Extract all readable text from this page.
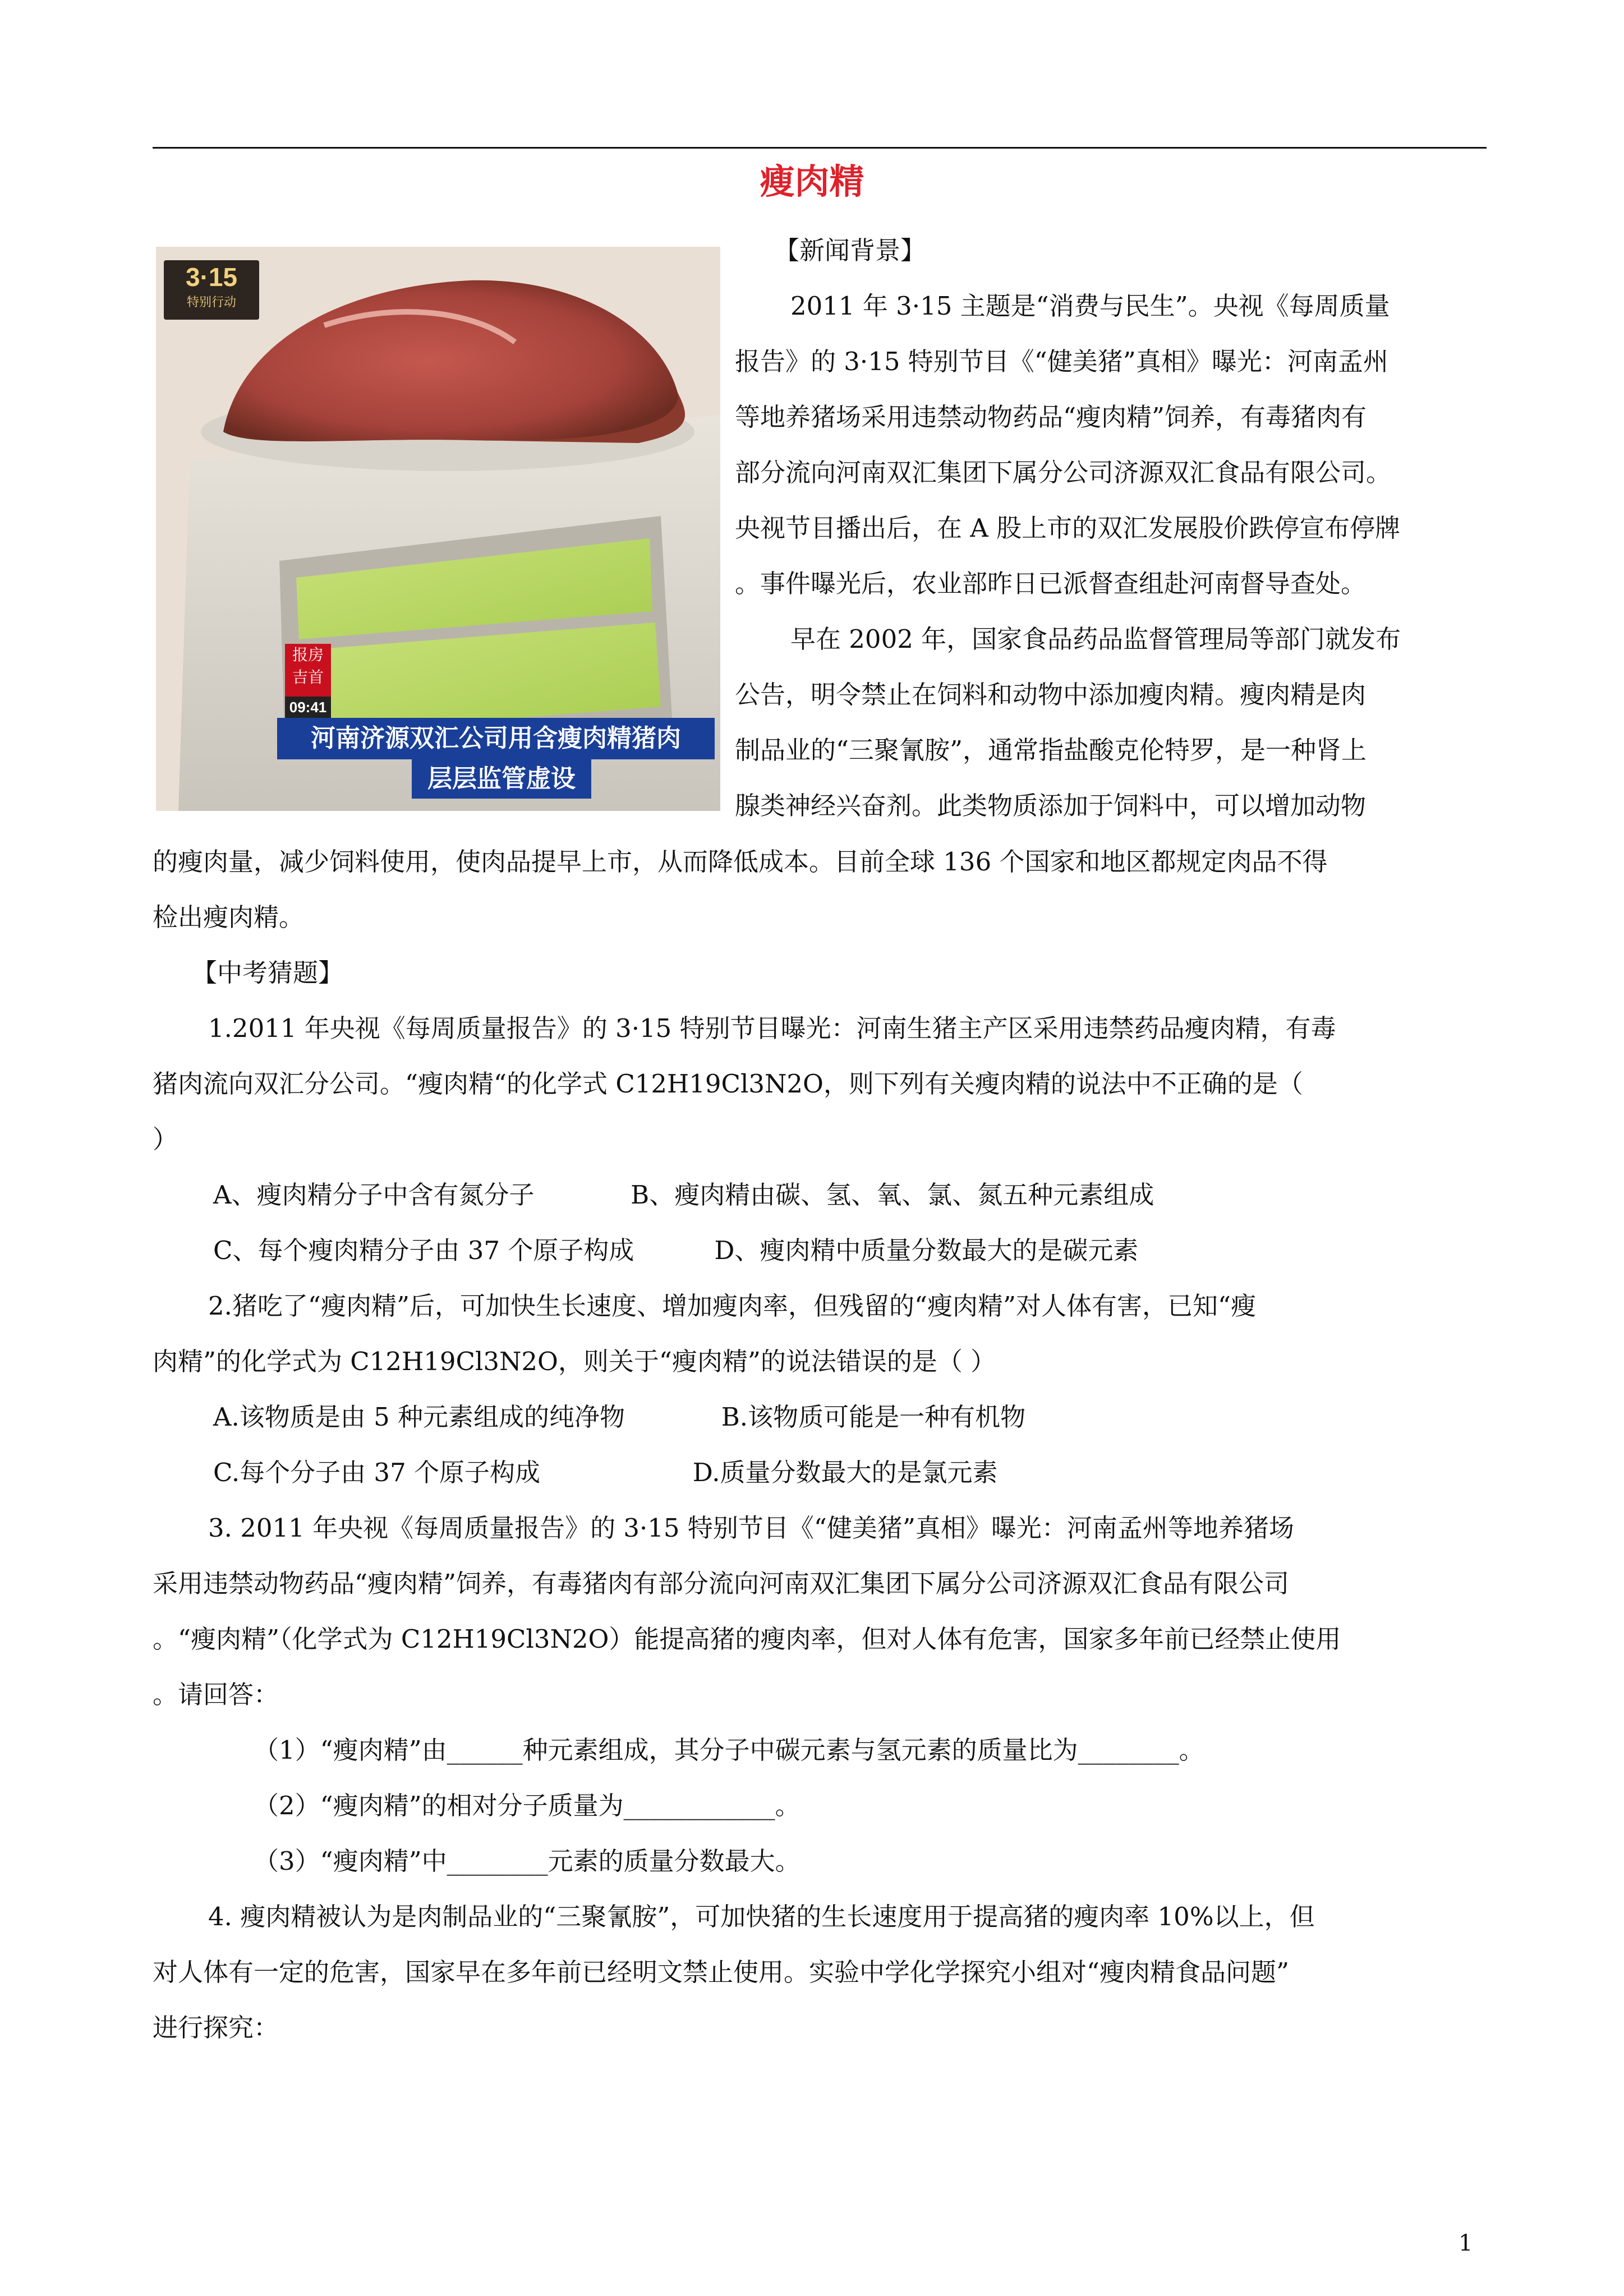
瘦肉精
3·15
特别行动
报房 吉首
09:41
河南济源双汇公司用含瘦肉精猪肉
层层监管虚设

【新闻背景】

2011 年 3·15 主题是“消费与民生”。央视《每周质量

报告》的 3·15 特别节目《“健美猪”真相》曝光：河南孟州

等地养猪场采用违禁动物药品“瘦肉精”饲养，有毒猪肉有

部分流向河南双汇集团下属分公司济源双汇食品有限公司。

央视节目播出后，在 A 股上市的双汇发展股价跌停宣布停牌

。事件曝光后，农业部昨日已派督查组赴河南督导查处。

早在 2002 年，国家食品药品监督管理局等部门就发布

公告，明令禁止在饲料和动物中添加瘦肉精。瘦肉精是肉

制品业的“三聚氰胺”，通常指盐酸克伦特罗，是一种肾上

腺类神经兴奋剂。此类物质添加于饲料中，可以增加动物

的瘦肉量，减少饲料使用，使肉品提早上市，从而降低成本。目前全球 136 个国家和地区都规定肉品不得

检出瘦肉精。

【中考猜题】

1.2011 年央视《每周质量报告》的 3·15 特别节目曝光：河南生猪主产区采用违禁药品瘦肉精，有毒

猪肉流向双汇分公司。“瘦肉精“的化学式 C12H19Cl3N2O，则下列有关瘦肉精的说法中不正确的是（

）

A、瘦肉精分子中含有氮分子            B、瘦肉精由碳、氢、氧、氯、氮五种元素组成

C、每个瘦肉精分子由 37 个原子构成          D、瘦肉精中质量分数最大的是碳元素

2.猪吃了“瘦肉精”后，可加快生长速度、增加瘦肉率，但残留的“瘦肉精”对人体有害，已知“瘦

肉精”的化学式为 C12H19Cl3N2O，则关于“瘦肉精”的说法错误的是（ ）

A.该物质是由 5 种元素组成的纯净物            B.该物质可能是一种有机物

C.每个分子由 37 个原子构成                   D.质量分数最大的是氯元素

3. 2011 年央视《每周质量报告》的 3·15 特别节目《“健美猪”真相》曝光：河南孟州等地养猪场

采用违禁动物药品“瘦肉精”饲养，有毒猪肉有部分流向河南双汇集团下属分公司济源双汇食品有限公司

。“瘦肉精”（化学式为 C12H19Cl3N2O）能提高猪的瘦肉率，但对人体有危害，国家多年前已经禁止使用

。请回答：

（1）“瘦肉精”由______种元素组成，其分子中碳元素与氢元素的质量比为________。

（2）“瘦肉精”的相对分子质量为____________。

（3）“瘦肉精”中________元素的质量分数最大。

4. 瘦肉精被认为是肉制品业的“三聚氰胺”，可加快猪的生长速度用于提高猪的瘦肉率 10%以上，但

对人体有一定的危害，国家早在多年前已经明文禁止使用。实验中学化学探究小组对“瘦肉精食品问题”

进行探究：

1
